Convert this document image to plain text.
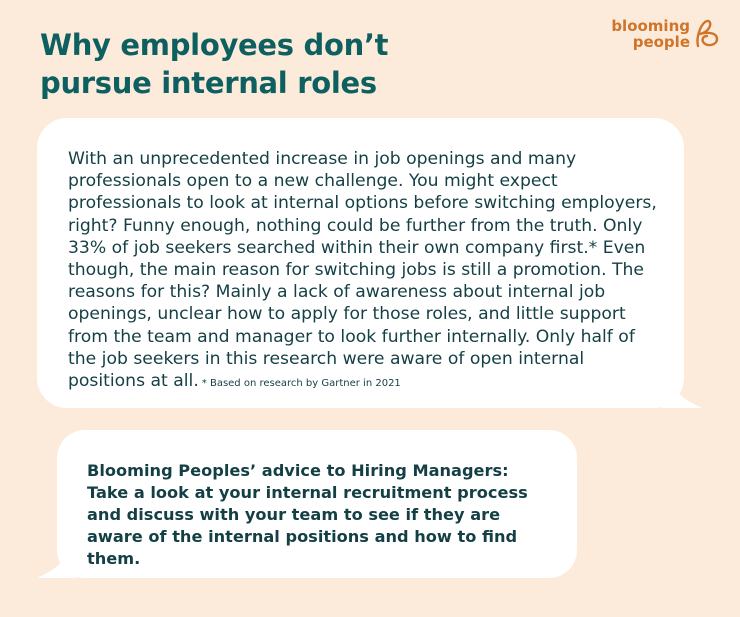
Why employees don’t pursue internal roles
blooming
people

With an unprecedented increase in job openings and many professionals open to a new challenge. You might expect professionals to look at internal options before switching employers, right? Funny enough, nothing could be further from the truth. Only 33% of job seekers searched within their own company first.* Even though, the main reason for switching jobs is still a promotion. The reasons for this? Mainly a lack of awareness about internal job openings, unclear how to apply for those roles, and little support from the team and manager to look further internally. Only half of the job seekers in this research were aware of open internal positions at all. * Based on research by Gartner in 2021

Blooming Peoples’ advice to Hiring Managers:
Take a look at your internal recruitment process and discuss with your team to see if they are aware of the internal positions and how to find them.
